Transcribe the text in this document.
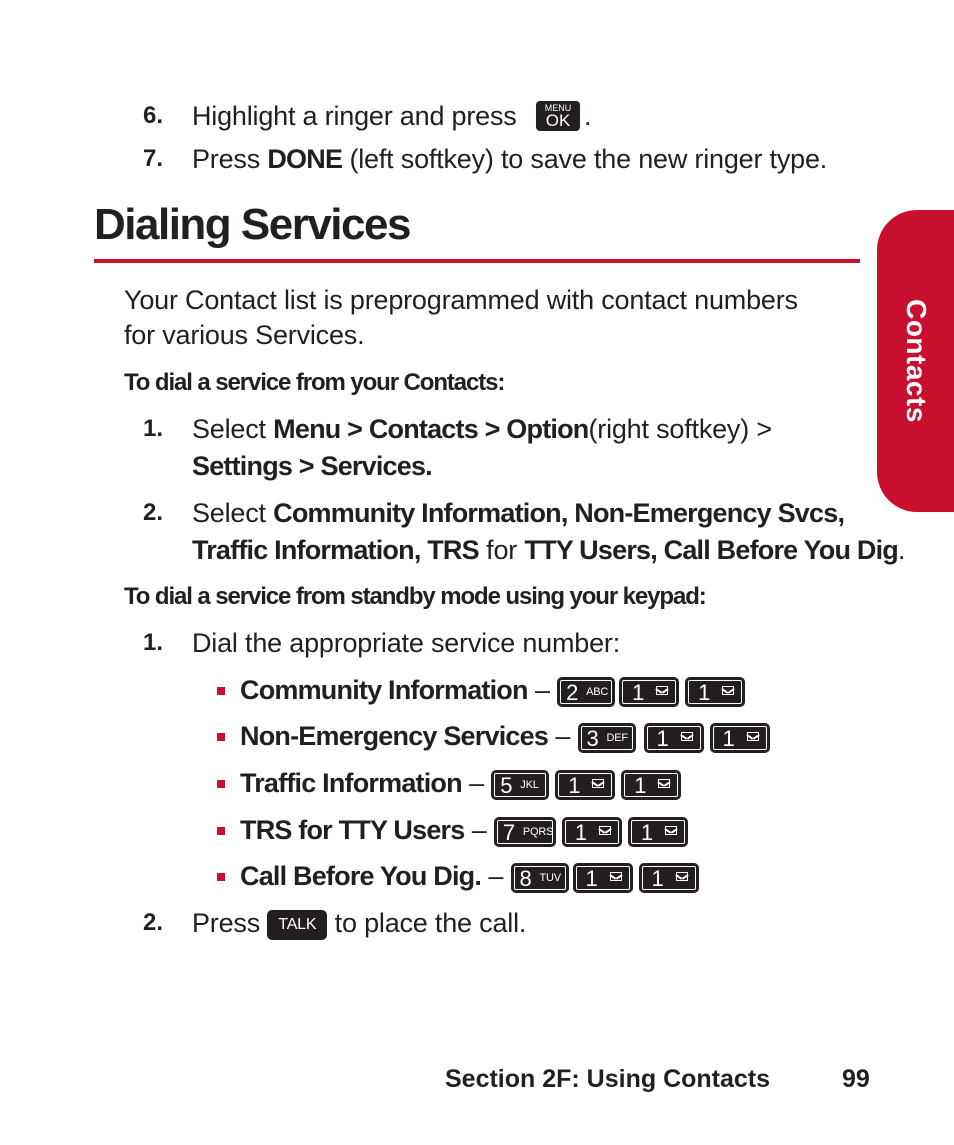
6. Highlight a ringer and press	MENU
OK .
7. Press DONE (left softkey) to save the new ringer type.
Dialing Services
Contacts
Your Contact list is preprogrammed with contact numbers
for various Services.
To dial a service from your Contacts:
1. Select Menu > Contacts > Option(right softkey) >
Settings > Services.
2. Select Community Information, Non-Emergency Svcs,
Traffic Information, TRS for TTY Users, Call Before You Dig.
To dial a service from standby mode using your keypad:
1. Dial the appropriate service number:
Community Information – 2 ABC 1 1
Non-Emergency Services – 3 DEF 1 1
Traffic Information – 5 JKL 1 1
TRS for TTY Users – 7 PQRS 1 1
Call Before You Dig. – 8 TUV 1 1
2. Press TALK to place the call.
Section 2F: Using Contacts	99
